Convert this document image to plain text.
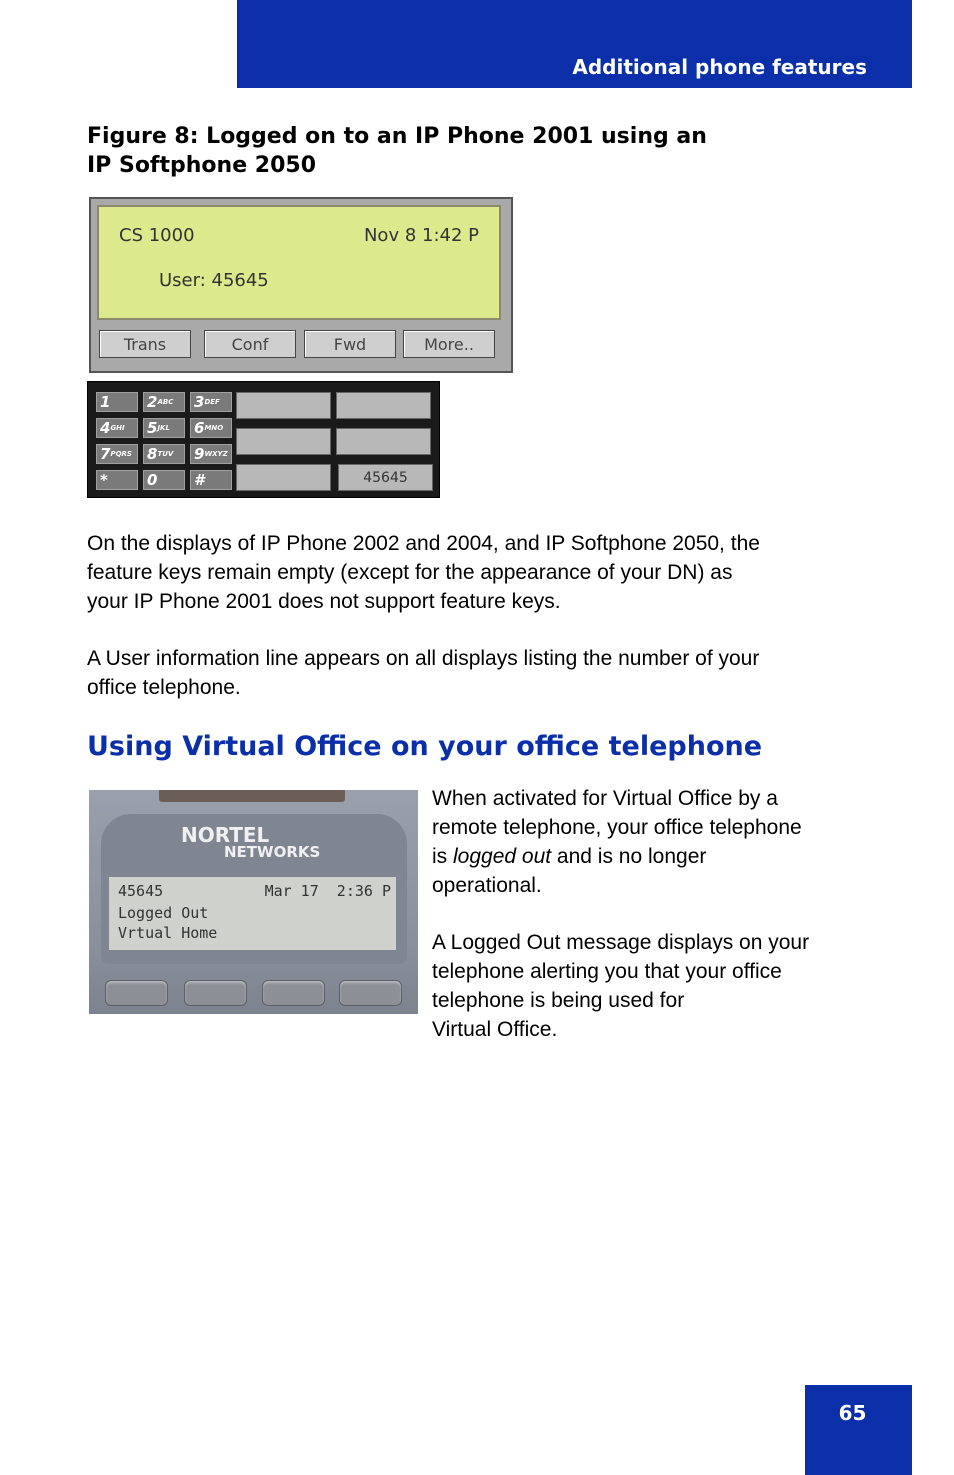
Additional phone features
Figure 8: Logged on to an IP Phone 2001 using an
IP Softphone 2050
CS 1000	Nov 8 1:42 P
User: 45645
Trans	Conf	Fwd	More..
1	$2^{ABC}$	$3^{DEF}$
$4^{GHI}$	$5^{JKL}$	$6^{MNO}$
$7^{PQRS}$	$8^{TUV}$	$9^{WXYZ}$
*	0	#	45645
On the displays of IP Phone 2002 and 2004, and IP Softphone 2050, the
feature keys remain empty (except for the appearance of your DN) as
your IP Phone 2001 does not support feature keys.
A User information line appears on all displays listing the number of your
office telephone.
Using Virtual Office on your office telephone
NORTEL
NETWORKS
45645	Mar 17  2:36 P
Logged Out
Vrtual Home
When activated for Virtual Office by a
remote telephone, your office telephone
is logged out and is no longer
operational.
A Logged Out message displays on your
telephone alerting you that your office
telephone is being used for
Virtual Office.
65
